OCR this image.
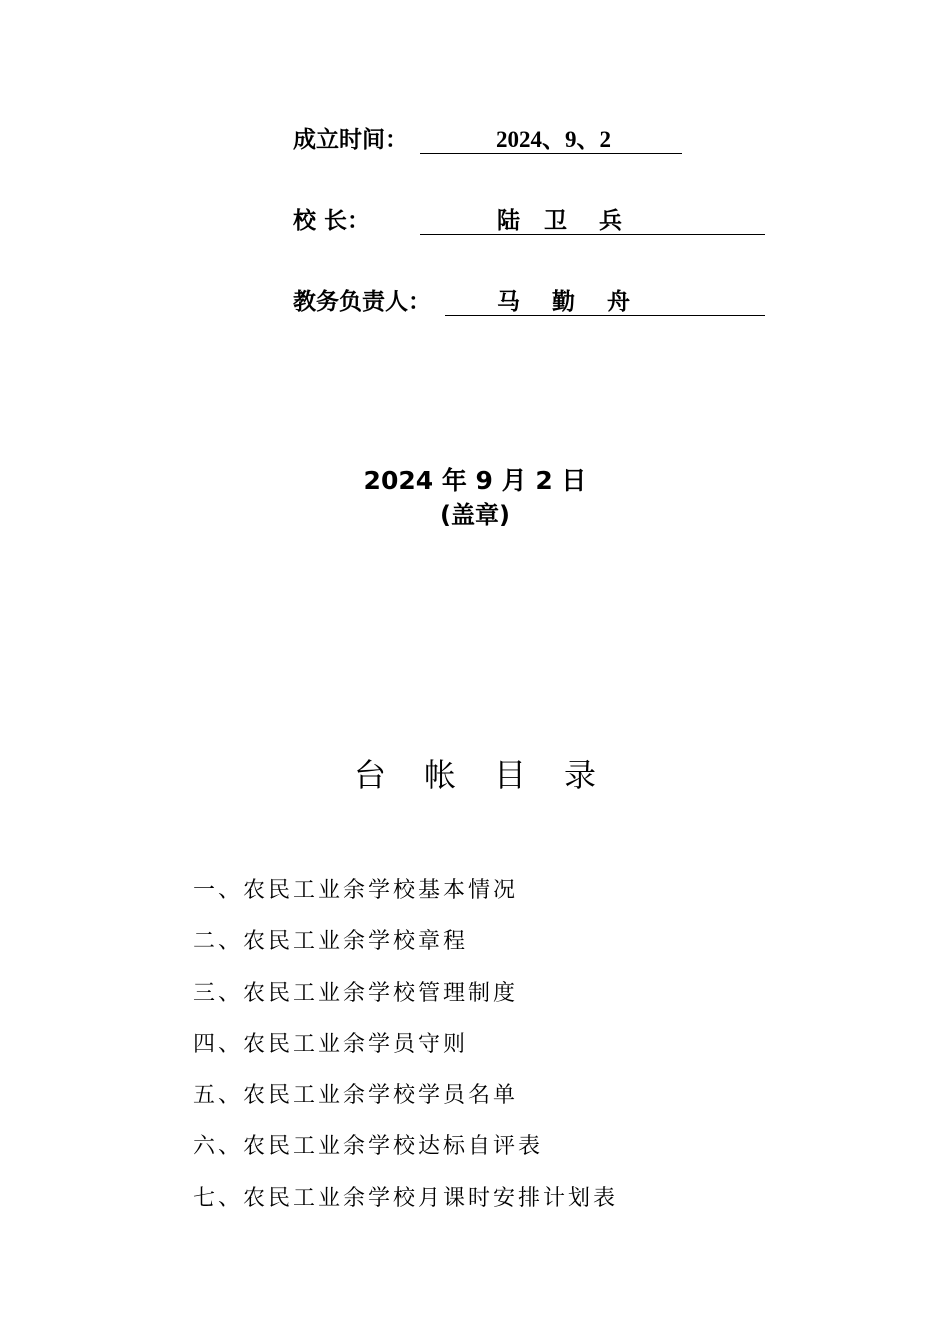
成立时间：	2024、9、2
校 长：	陆   卫    兵
教务负责人：	马    勤    舟
2024 年 9 月 2 日
(盖章)
台帐目录
一、农民工业余学校基本情况
二、农民工业余学校章程
三、农民工业余学校管理制度
四、农民工业余学员守则
五、农民工业余学校学员名单
六、农民工业余学校达标自评表
七、农民工业余学校月课时安排计划表
